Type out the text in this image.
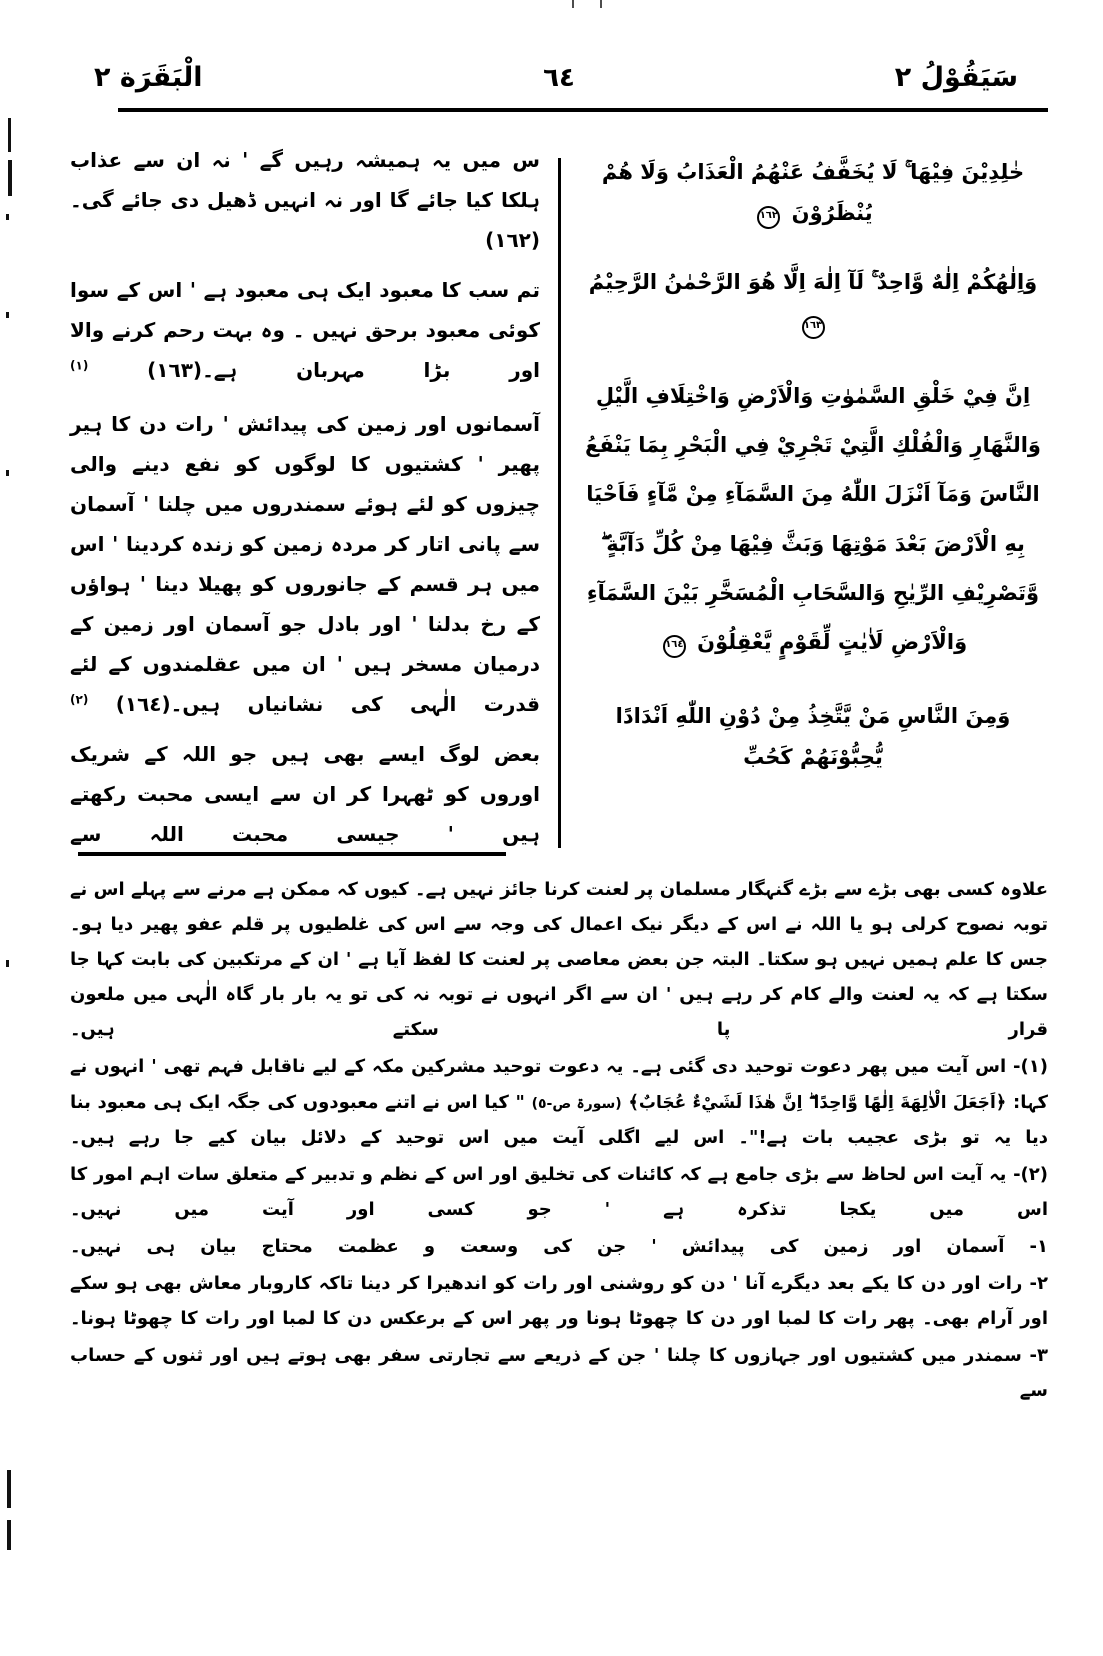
الْبَقَرَة ٢	٦٤	سَيَقُوْلُ ٢
خٰلِدِيْنَ فِيْهَا ۚ لَا يُخَفَّفُ عَنْهُمُ الْعَذَابُ وَلَا هُمْ يُنْظَرُوْنَ ١٦٢
وَاِلٰهُكُمْ اِلٰهٌ وَّاحِدٌ ۚ لَآ اِلٰهَ اِلَّا هُوَ الرَّحْمٰنُ الرَّحِيْمُ ١٦٣
اِنَّ فِيْ خَلْقِ السَّمٰوٰتِ وَالْاَرْضِ وَاخْتِلَافِ الَّيْلِ وَالنَّهَارِ وَالْفُلْكِ الَّتِيْ تَجْرِيْ فِي الْبَحْرِ بِمَا يَنْفَعُ النَّاسَ وَمَآ اَنْزَلَ اللّٰهُ مِنَ السَّمَآءِ مِنْ مَّآءٍ فَاَحْيَا بِهِ الْاَرْضَ بَعْدَ مَوْتِهَا وَبَثَّ فِيْهَا مِنْ كُلِّ دَآبَّةٍ ۖ وَّتَصْرِيْفِ الرِّيٰحِ وَالسَّحَابِ الْمُسَخَّرِ بَيْنَ السَّمَآءِ وَالْاَرْضِ لَاٰيٰتٍ لِّقَوْمٍ يَّعْقِلُوْنَ ١٦٤
وَمِنَ النَّاسِ مَنْ يَّتَّخِذُ مِنْ دُوْنِ اللّٰهِ اَنْدَادًا يُّحِبُّوْنَهُمْ كَحُبِّ

س میں یہ ہمیشہ رہیں گے ' نہ ان سے عذاب ہلکا کیا جائے گا اور نہ انہیں ڈھیل دی جائے گی۔(١٦٢)

تم سب کا معبود ایک ہی معبود ہے ' اس کے سوا کوئی معبود برحق نہیں ۔ وہ بہت رحم کرنے والا اور بڑا مہربان ہے۔(١٦٣) $^{(١)}$

آسمانوں اور زمین کی پیدائش ' رات دن کا ہیر پھیر ' کشتیوں کا لوگوں کو نفع دینے والی چیزوں کو لئے ہوئے سمندروں میں چلنا ' آسمان سے پانی اتار کر مردہ زمین کو زندہ کردینا ' اس میں ہر قسم کے جانوروں کو پھیلا دینا ' ہواؤں کے رخ بدلنا ' اور بادل جو آسمان اور زمین کے درمیان مسخر ہیں ' ان میں عقلمندوں کے لئے قدرت الٰہی کی نشانیاں ہیں۔(١٦٤) $^{(٢)}$

بعض لوگ ایسے بھی ہیں جو اللہ کے شریک اوروں کو ٹھہرا کر ان سے ایسی محبت رکھتے ہیں ' جیسی محبت اللہ سے

علاوہ کسی بھی بڑے سے بڑے گنہگار مسلمان پر لعنت کرنا جائز نہیں ہے۔ کیوں کہ ممکن ہے مرنے سے پہلے اس نے توبہ نصوح کرلی ہو یا اللہ نے اس کے دیگر نیک اعمال کی وجہ سے اس کی غلطیوں پر قلم عفو پھیر دیا ہو۔ جس کا علم ہمیں نہیں ہو سکتا۔ البتہ جن بعض معاصی پر لعنت کا لفظ آیا ہے ' ان کے مرتکبین کی بابت کہا جا سکتا ہے کہ یہ لعنت والے کام کر رہے ہیں ' ان سے اگر انہوں نے توبہ نہ کی تو یہ بار بار گاہ الٰہی میں ملعون قرار پا سکتے ہیں۔

(١)- اس آیت میں پھر دعوت توحید دی گئی ہے۔ یہ دعوت توحید مشرکین مکہ کے لیے ناقابل فہم تھی ' انہوں نے کہا: ﴿اَجَعَلَ الْاٰلِهَةَ اِلٰهًا وَّاحِدًا ۖ اِنَّ هٰذَا لَشَيْءٌ عُجَابٌ﴾ (سورۃ ص-٥) " کیا اس نے اتنے معبودوں کی جگہ ایک ہی معبود بنا دیا یہ تو بڑی عجیب بات ہے!"۔ اس لیے اگلی آیت میں اس توحید کے دلائل بیان کیے جا رہے ہیں۔

(٢)- یہ آیت اس لحاظ سے بڑی جامع ہے کہ کائنات کی تخلیق اور اس کے نظم و تدبیر کے متعلق سات اہم امور کا اس میں یکجا تذکرہ ہے ' جو کسی اور آیت میں نہیں۔

١- آسمان اور زمین کی پیدائش ' جن کی وسعت و عظمت محتاج بیان ہی نہیں۔
٢- رات اور دن کا یکے بعد دیگرے آنا ' دن کو روشنی اور رات کو اندھیرا کر دینا تاکہ کاروبار معاش بھی ہو سکے اور آرام بھی۔ پھر رات کا لمبا اور دن کا چھوٹا ہونا ور پھر اس کے برعکس دن کا لمبا اور رات کا چھوٹا ہونا۔
٣- سمندر میں کشتیوں اور جہازوں کا چلنا ' جن کے ذریعے سے تجارتی سفر بھی ہوتے ہیں اور ثنوں کے حساب سے
